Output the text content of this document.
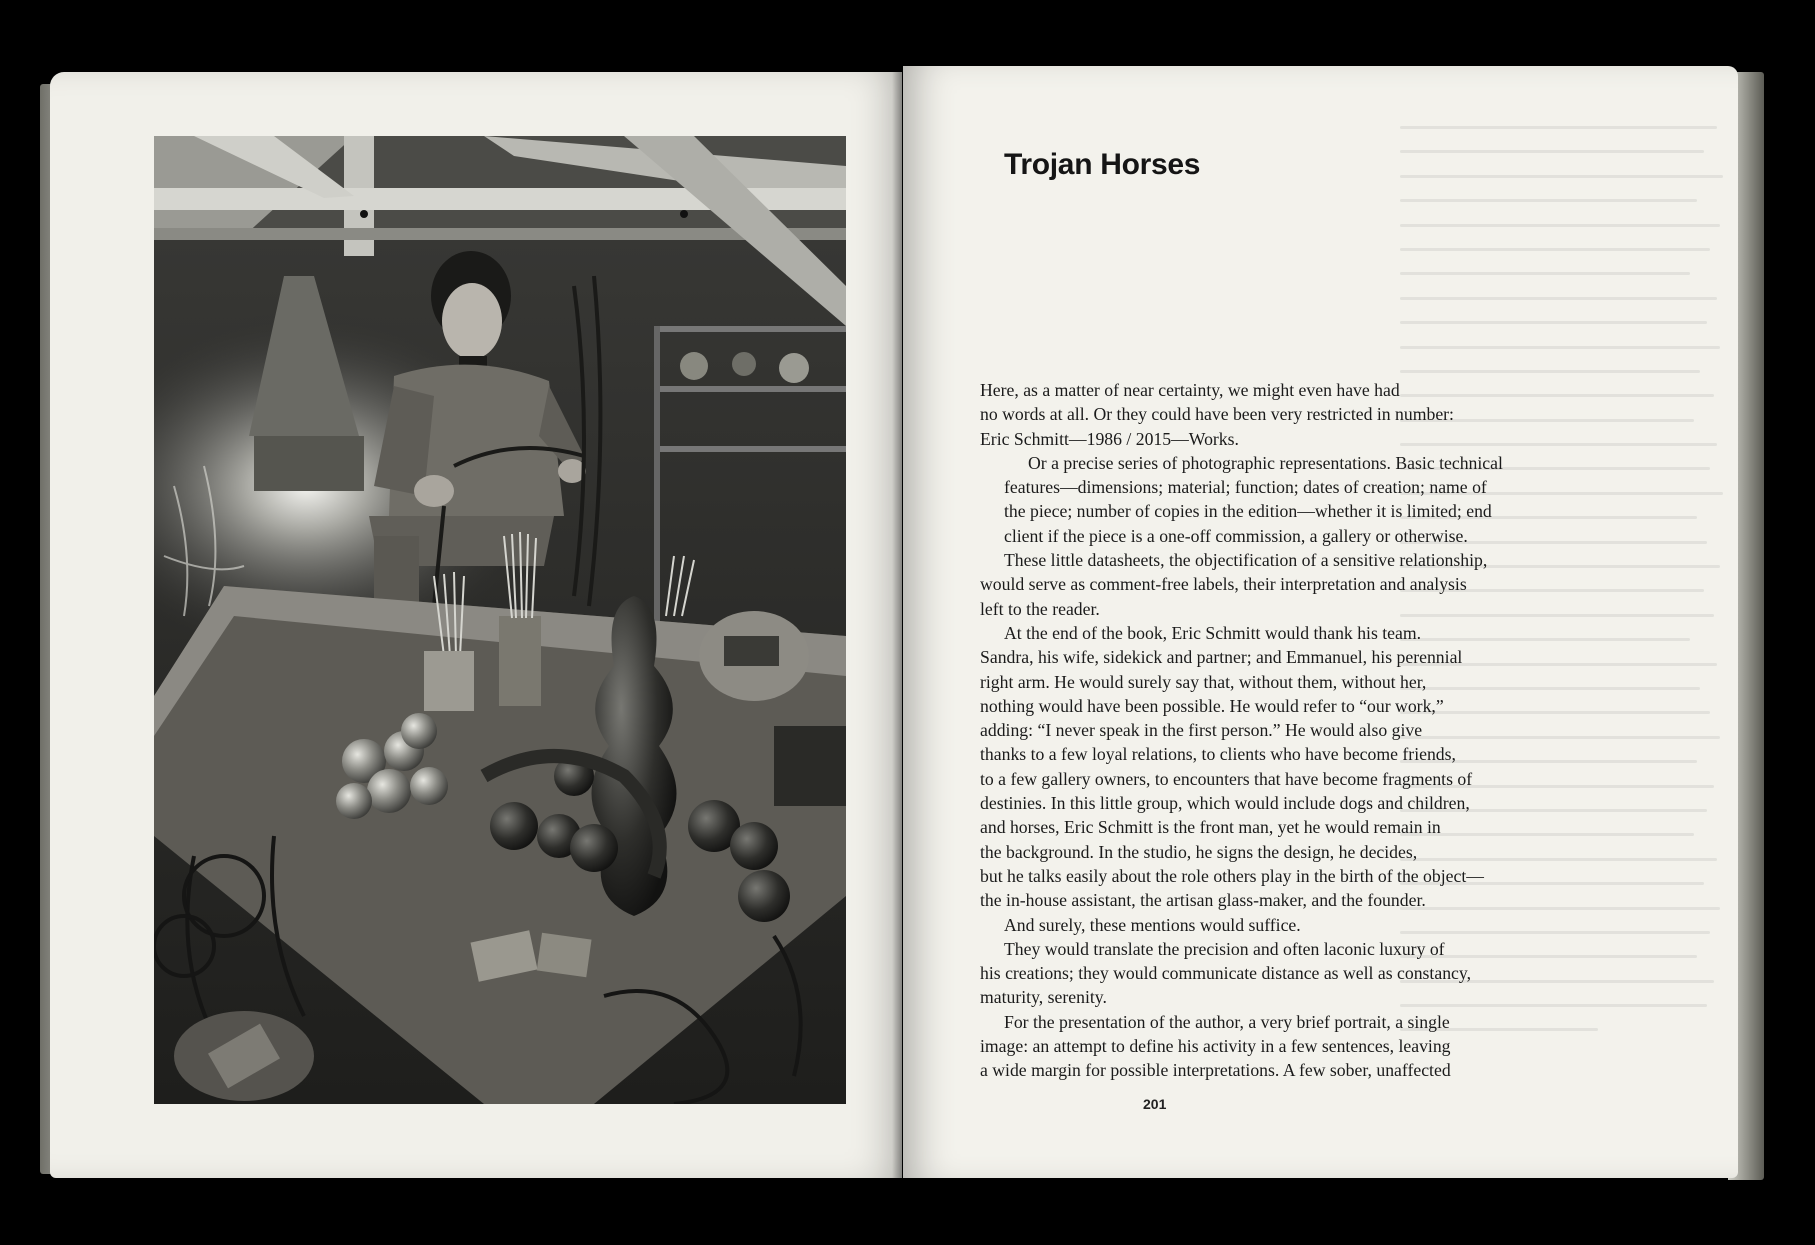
Trojan Horses

Here, as a matter of near certainty, we might even have had
no words at all. Or they could have been very restricted in number:
Eric Schmitt—1986 / 2015—Works.

Or a precise series of photographic representations. Basic technical
features—dimensions; material; function; dates of creation; name of
the piece; number of copies in the edition—whether it is limited; end
client if the piece is a one-off commission, a gallery or otherwise.

These little datasheets, the objectification of a sensitive relationship,
would serve as comment-free labels, their interpretation and analysis
left to the reader.

At the end of the book, Eric Schmitt would thank his team.
Sandra, his wife, sidekick and partner; and Emmanuel, his perennial
right arm. He would surely say that, without them, without her,
nothing would have been possible. He would refer to “our work,”
adding: “I never speak in the first person.” He would also give
thanks to a few loyal relations, to clients who have become friends,
to a few gallery owners, to encounters that have become fragments of
destinies. In this little group, which would include dogs and children,
and horses, Eric Schmitt is the front man, yet he would remain in
the background. In the studio, he signs the design, he decides,
but he talks easily about the role others play in the birth of the object—
the in-house assistant, the artisan glass-maker, and the founder.

And surely, these mentions would suffice.

They would translate the precision and often laconic luxury of
his creations; they would communicate distance as well as constancy,
maturity, serenity.

For the presentation of the author, a very brief portrait, a single
image: an attempt to define his activity in a few sentences, leaving
a wide margin for possible interpretations. A few sober, unaffected

201
